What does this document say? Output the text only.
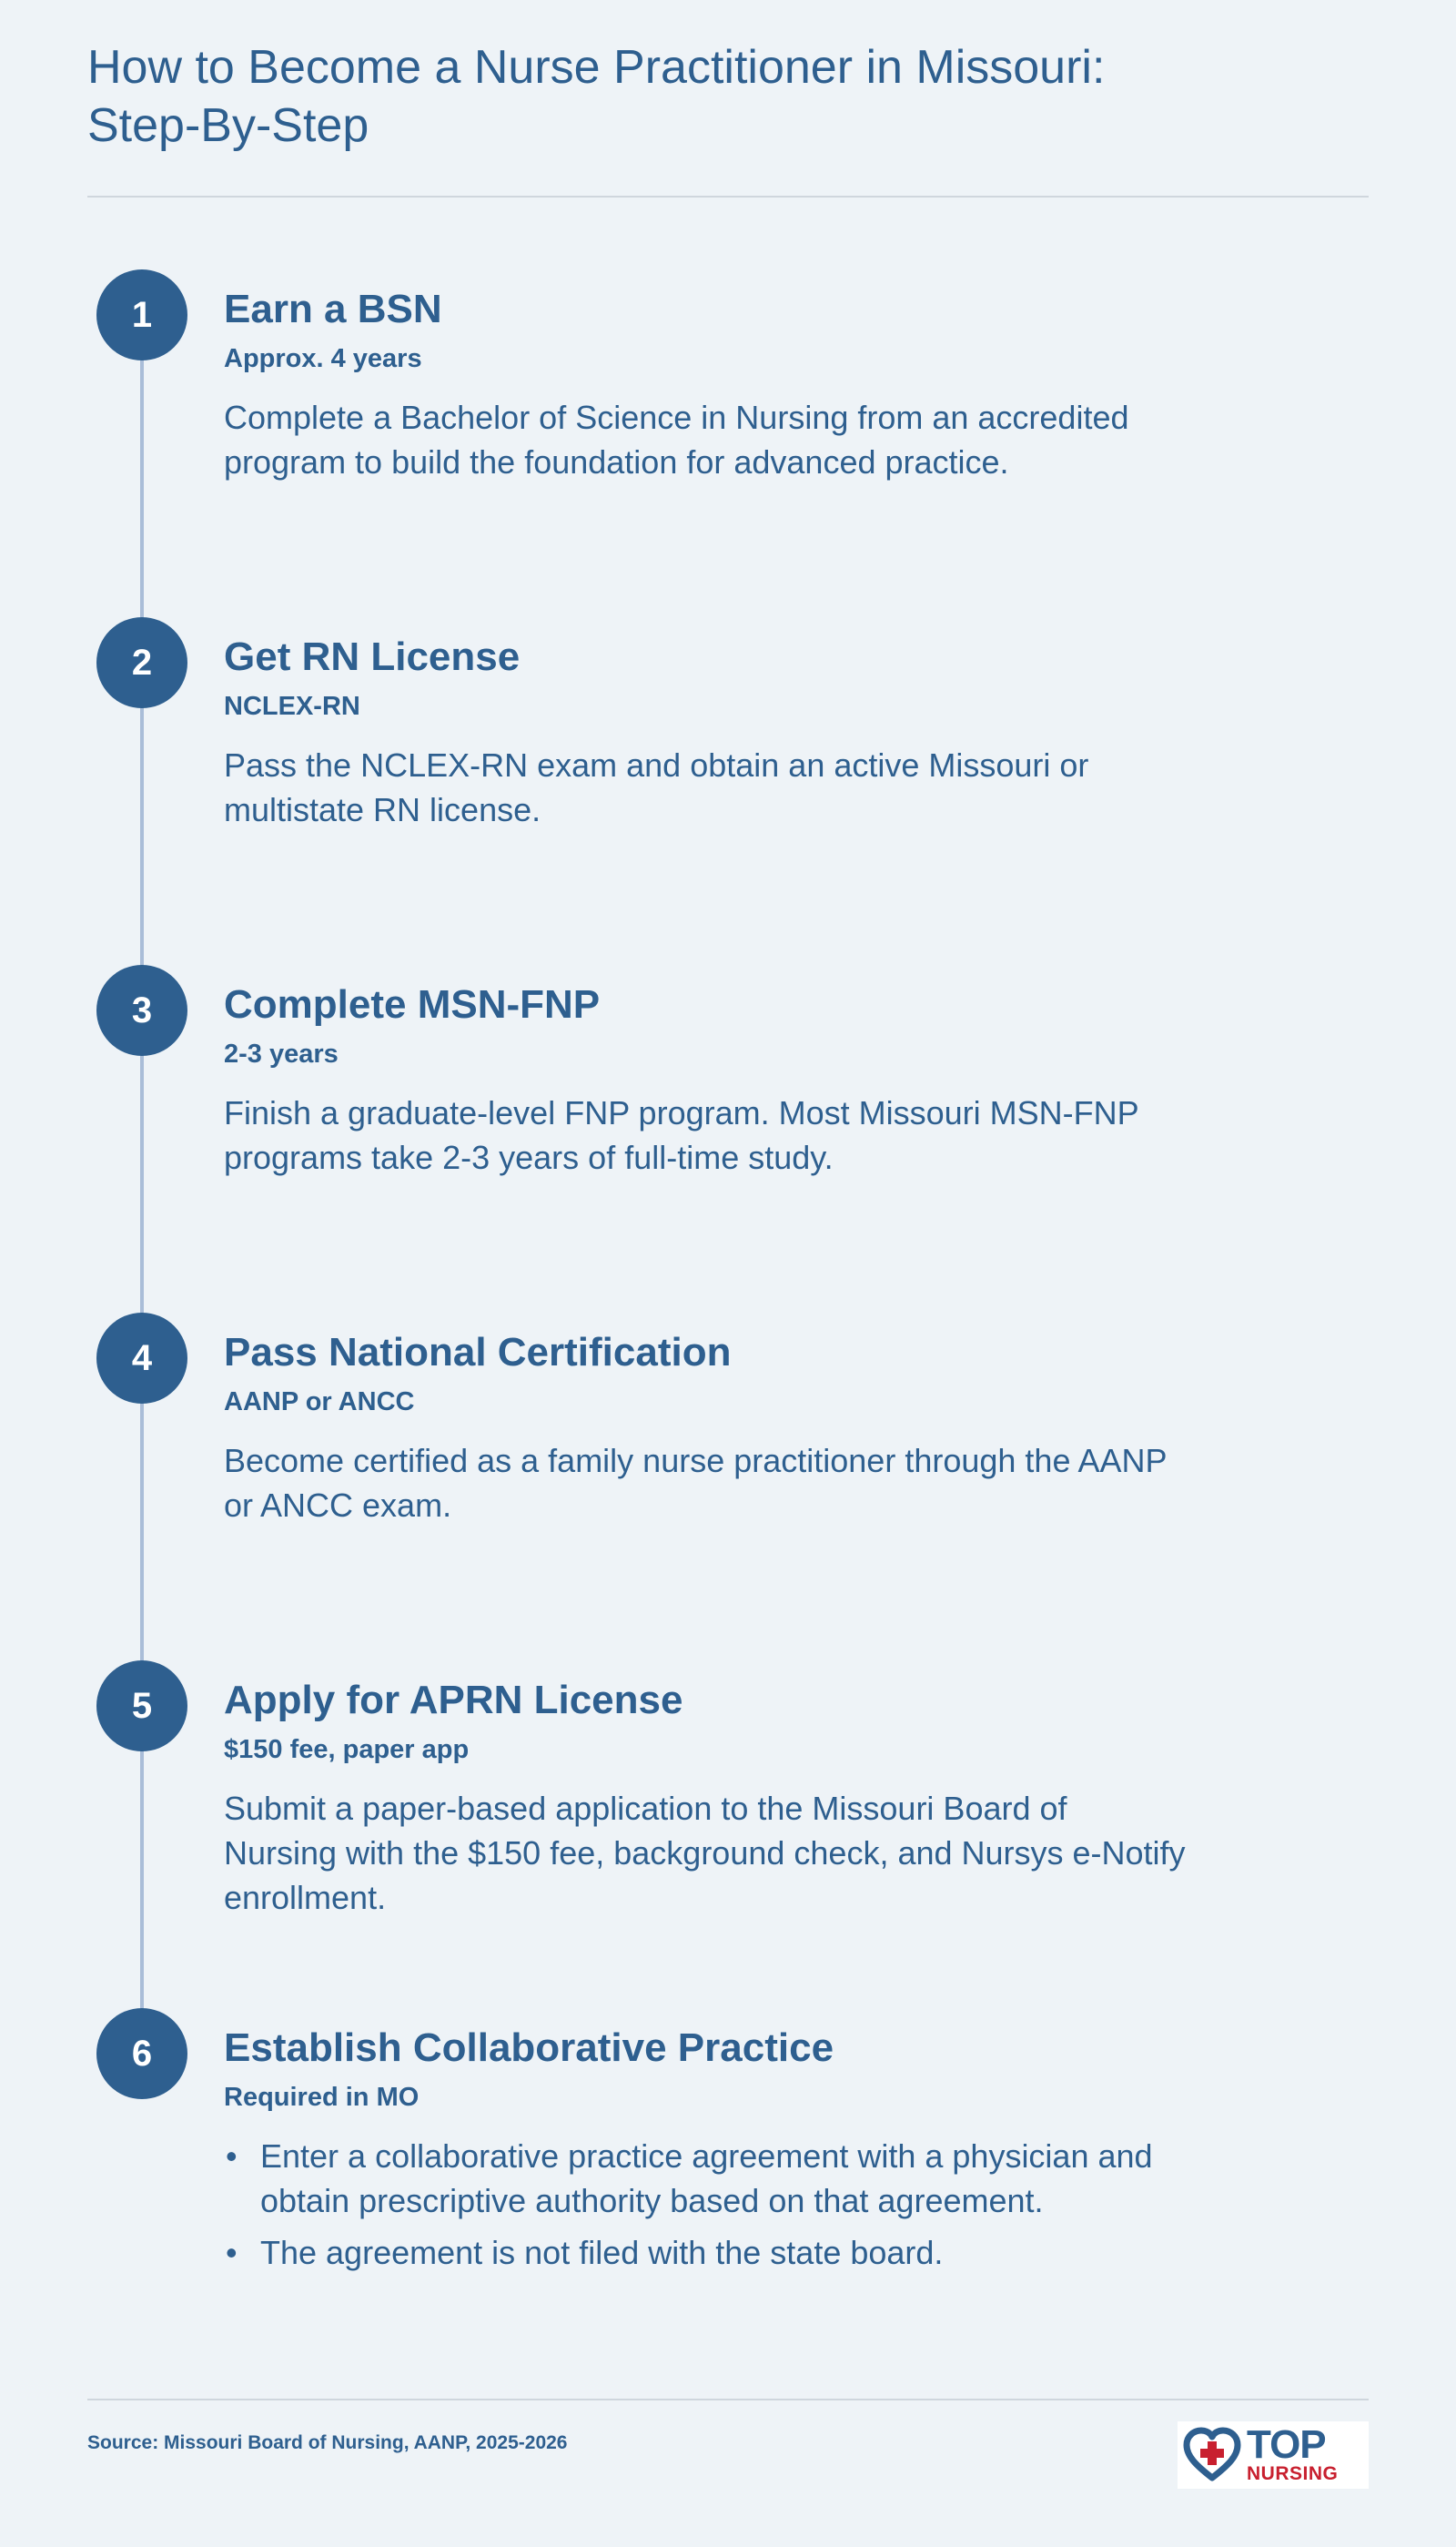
How to Become a Nurse Practitioner in Missouri: Step-By-Step
1	Earn a BSN

Approx. 4 years

Complete a Bachelor of Science in Nursing from an accredited program to build the foundation for advanced practice.

2	Get RN License

NCLEX-RN

Pass the NCLEX-RN exam and obtain an active Missouri or multistate RN license.

3	Complete MSN-FNP

2-3 years

Finish a graduate-level FNP program. Most Missouri MSN-FNP programs take 2-3 years of full-time study.

4	Pass National Certification

AANP or ANCC

Become certified as a family nurse practitioner through the AANP or ANCC exam.

5	Apply for APRN License

$150 fee, paper app

Submit a paper-based application to the Missouri Board of Nursing with the $150 fee, background check, and Nursys e-Notify enrollment.

6	Establish Collaborative Practice

Required in MO

• Enter a collaborative practice agreement with a physician and obtain prescriptive authority based on that agreement.
• The agreement is not filed with the state board.

Source: Missouri Board of Nursing, AANP, 2025-2026	TOP
NURSING
